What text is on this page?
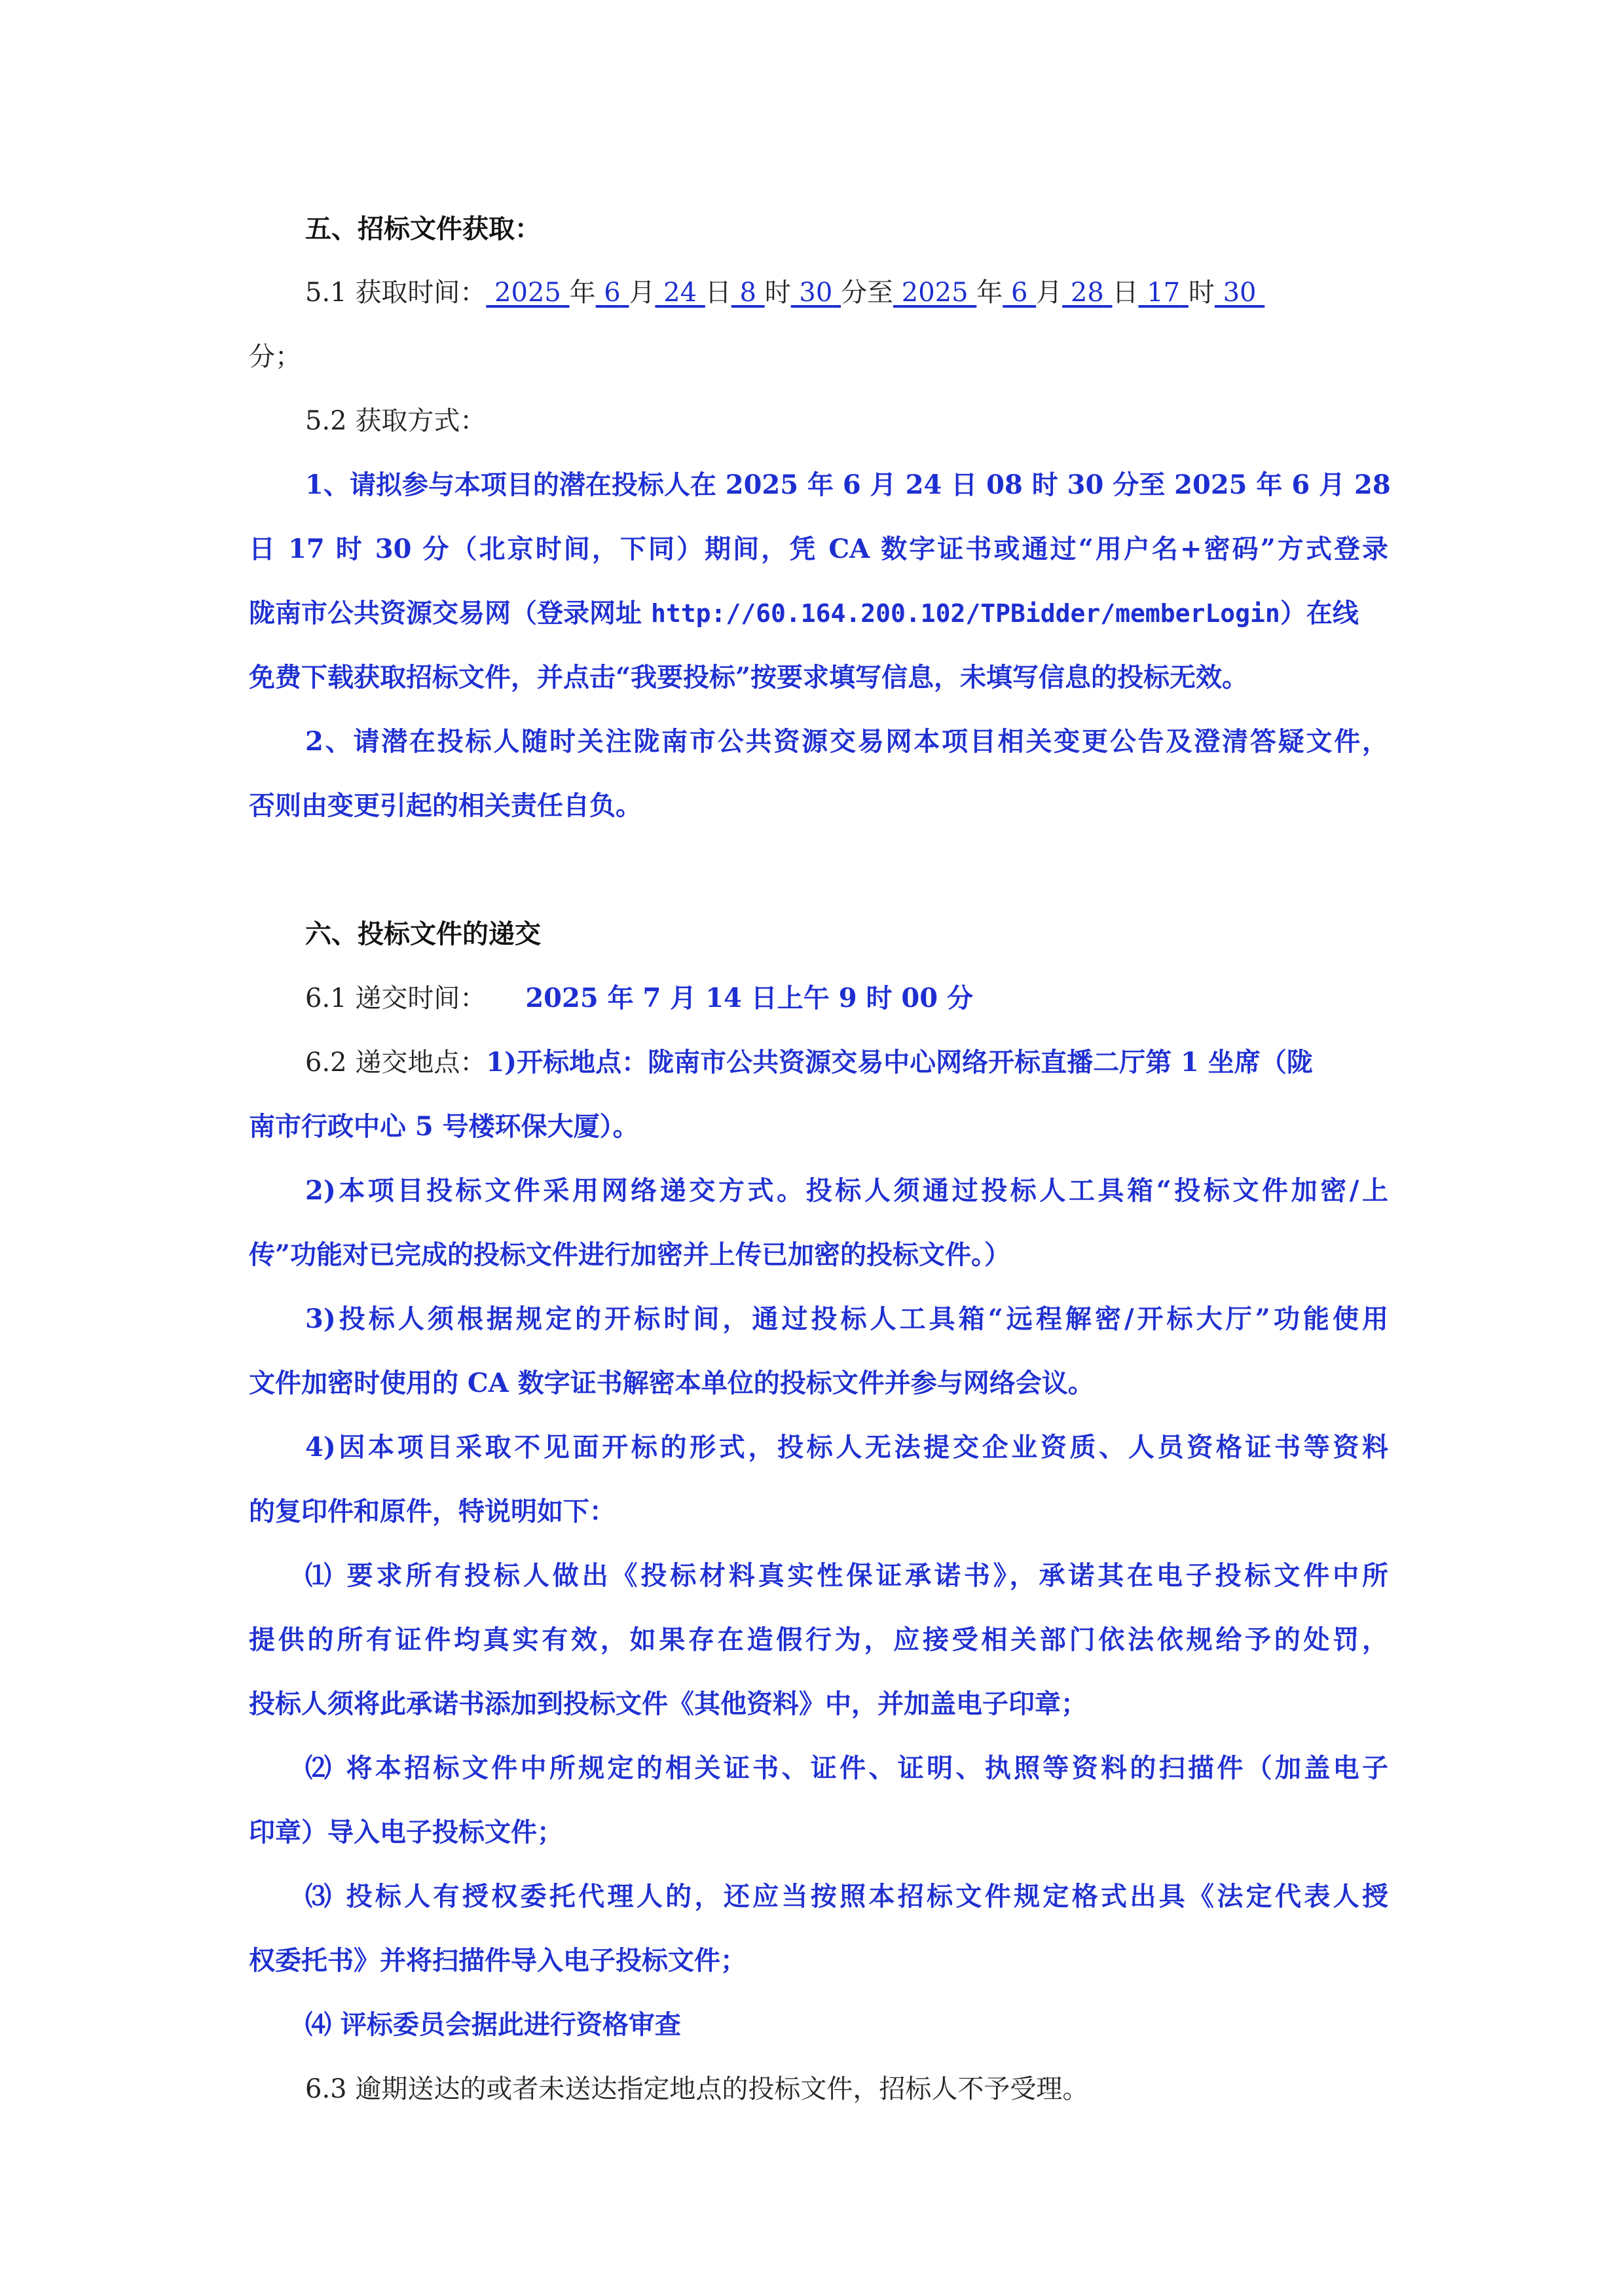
五、招标文件获取：
5.1 获取时间： 2025 年 6 月 24 日 8 时 30 分至 2025 年 6 月 28 日 17 时 30
分；
5.2 获取方式：
1、请拟参与本项目的潜在投标人在 2025 年 6 月 24 日 08 时 30 分至 2025 年 6 月 28
日 17 时 30 分（北京时间，下同）期间，凭 CA 数字证书或通过“用户名+密码”方式登录
陇南市公共资源交易网（登录网址 http://60.164.200.102/TPBidder/memberLogin）在线
免费下载获取招标文件，并点击“我要投标”按要求填写信息，未填写信息的投标无效。
2、请潜在投标人随时关注陇南市公共资源交易网本项目相关变更公告及澄清答疑文件，
否则由变更引起的相关责任自负。
六、投标文件的递交
6.1 递交时间： 2025 年 7 月 14 日上午 9 时 00 分
6.2 递交地点：1)开标地点：陇南市公共资源交易中心网络开标直播二厅第 1 坐席（陇
南市行政中心 5 号楼环保大厦）。
2)本项目投标文件采用网络递交方式。投标人须通过投标人工具箱“投标文件加密/上
传”功能对已完成的投标文件进行加密并上传已加密的投标文件。）
3)投标人须根据规定的开标时间，通过投标人工具箱“远程解密/开标大厅”功能使用
文件加密时使用的 CA 数字证书解密本单位的投标文件并参与网络会议。
4)因本项目采取不见面开标的形式，投标人无法提交企业资质、人员资格证书等资料
的复印件和原件，特说明如下：
⑴ 要求所有投标人做出《投标材料真实性保证承诺书》，承诺其在电子投标文件中所
提供的所有证件均真实有效，如果存在造假行为，应接受相关部门依法依规给予的处罚，
投标人须将此承诺书添加到投标文件《其他资料》中，并加盖电子印章；
⑵ 将本招标文件中所规定的相关证书、证件、证明、执照等资料的扫描件（加盖电子
印章）导入电子投标文件；
⑶ 投标人有授权委托代理人的，还应当按照本招标文件规定格式出具《法定代表人授
权委托书》并将扫描件导入电子投标文件；
⑷ 评标委员会据此进行资格审查
6.3 逾期送达的或者未送达指定地点的投标文件，招标人不予受理。
